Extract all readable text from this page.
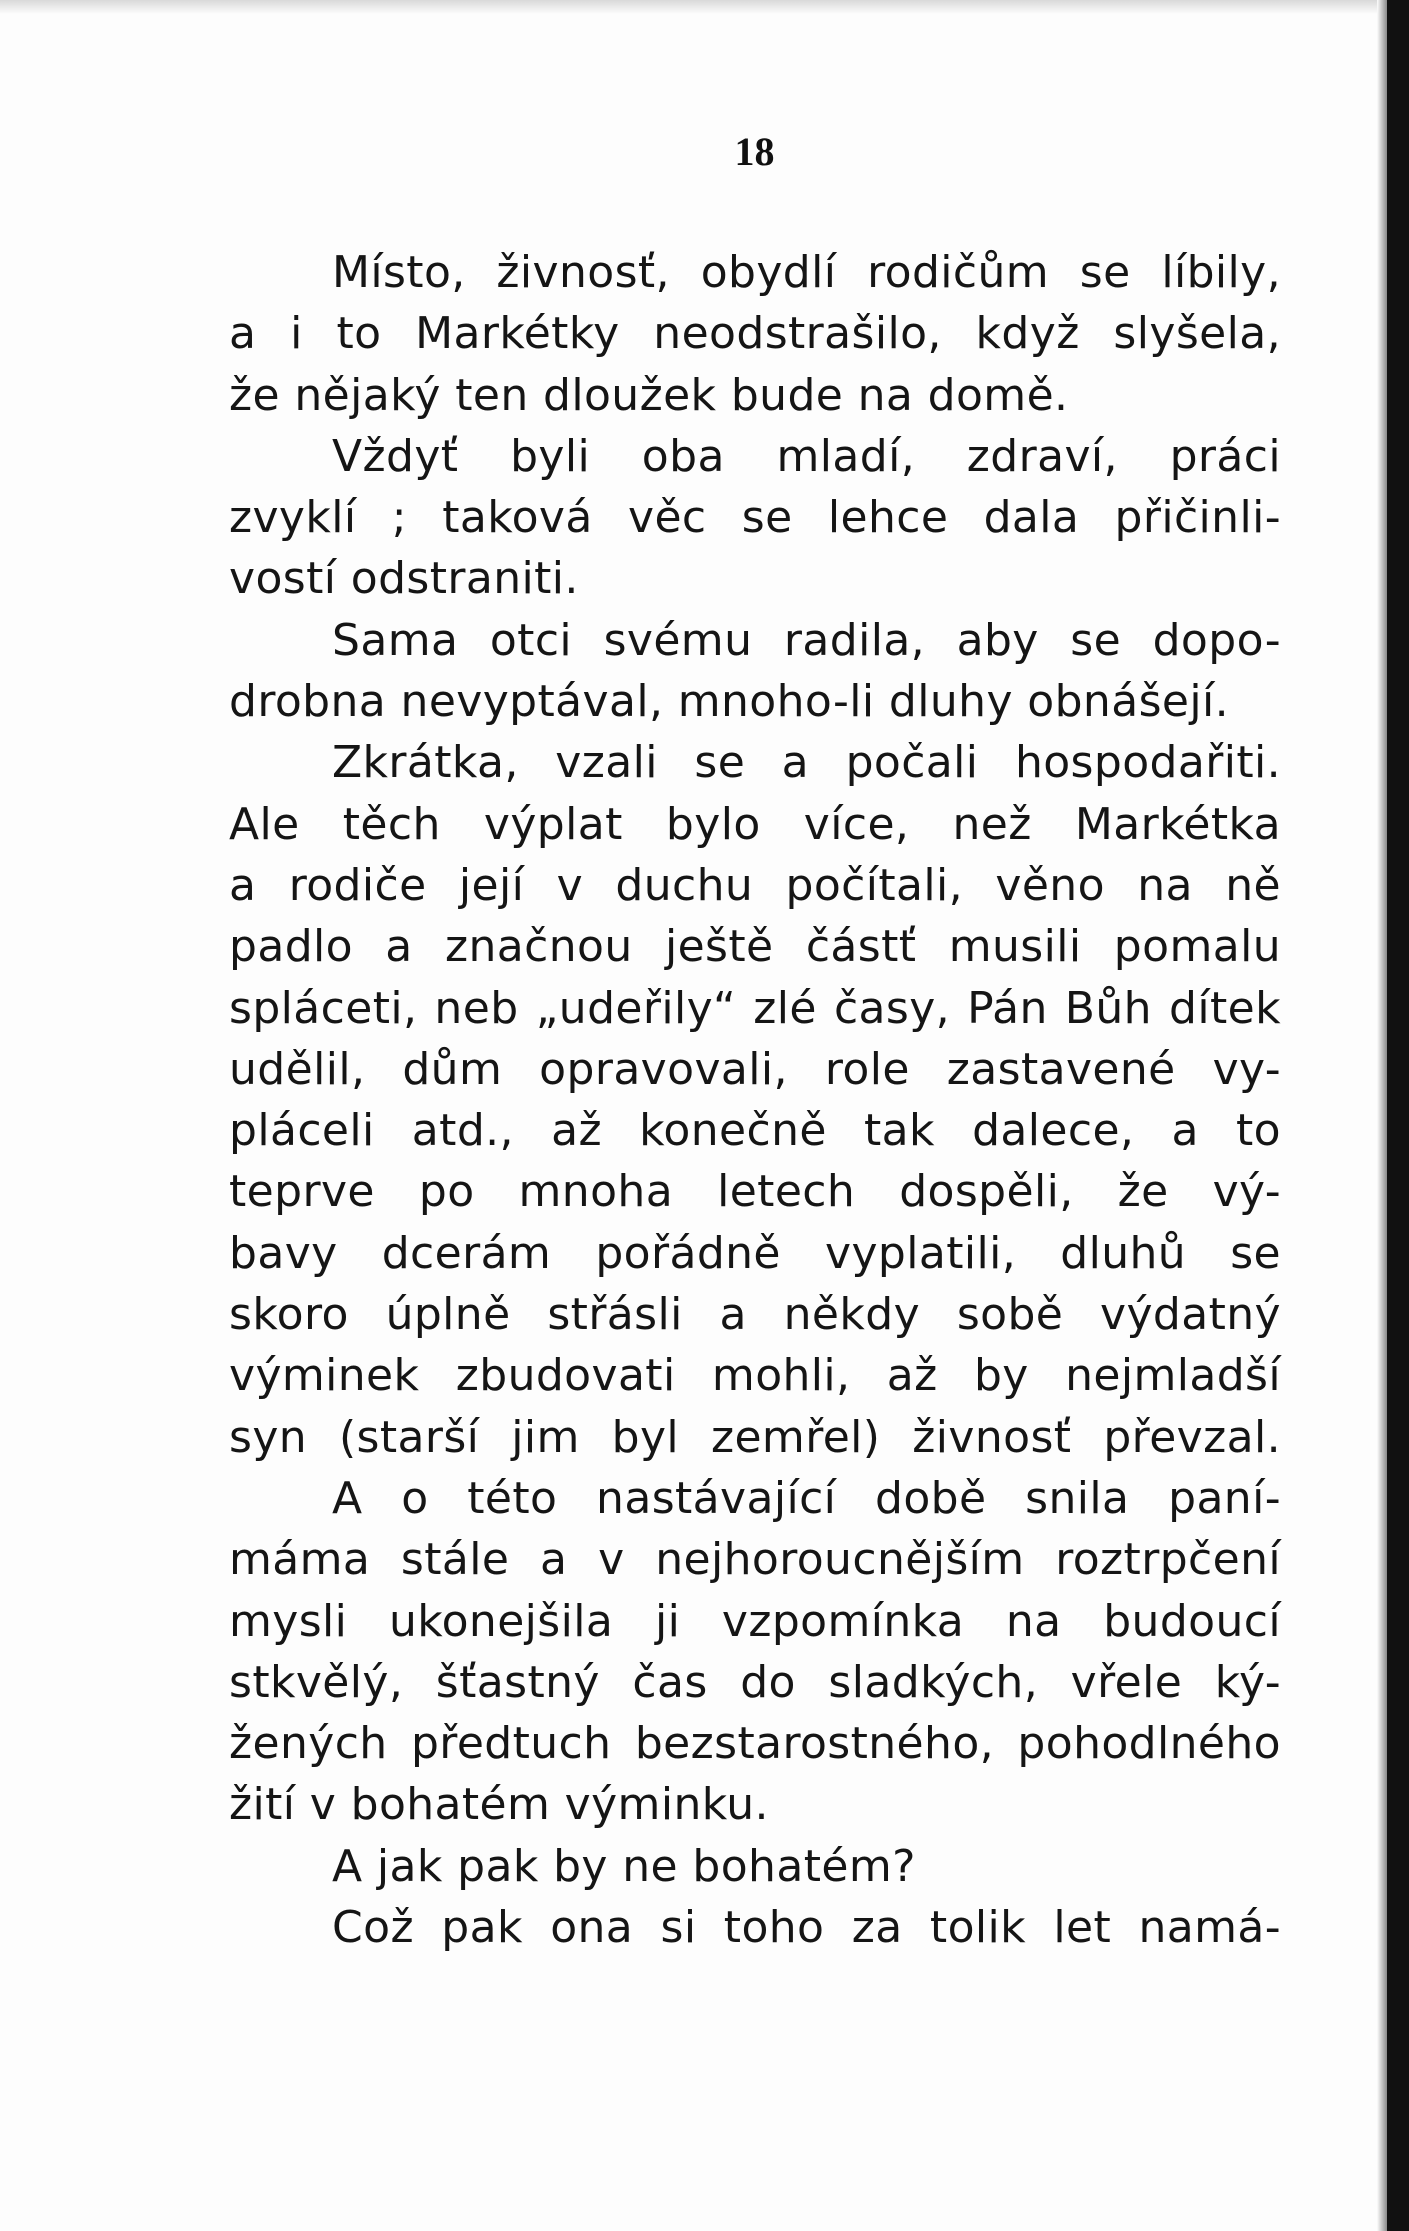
18
Místo, živnosť, obydlí rodičům se líbily,
a i to Markétky neodstrašilo, když slyšela,
že nějaký ten dloužek bude na domě.
Vždyť byli oba mladí, zdraví, práci
zvyklí ; taková věc se lehce dala přičinli-
vostí odstraniti.
Sama otci svému radila, aby se dopo-
drobna nevyptával, mnoho-li dluhy obnášejí.
Zkrátka, vzali se a počali hospodařiti.
Ale těch výplat bylo více, než Markétka
a rodiče její v duchu počítali, věno na ně
padlo a značnou ještě částť musili pomalu
spláceti, neb „udeřily“ zlé časy, Pán Bůh dítek
udělil, dům opravovali, role zastavené vy-
pláceli atd., až konečně tak dalece, a to
teprve po mnoha letech dospěli, že vý-
bavy dcerám pořádně vyplatili, dluhů se
skoro úplně střásli a někdy sobě výdatný
výminek zbudovati mohli, až by nejmladší
syn (starší jim byl zemřel) živnosť převzal.
A o této nastávající době snila paní-
máma stále a v nejhoroucnějším roztrpčení
mysli ukonejšila ji vzpomínka na budoucí
stkvělý, šťastný čas do sladkých, vřele ký-
žených předtuch bezstarostného, pohodlného
žití v bohatém výminku.
A jak pak by ne bohatém?
Což pak ona si toho za tolik let namá-
